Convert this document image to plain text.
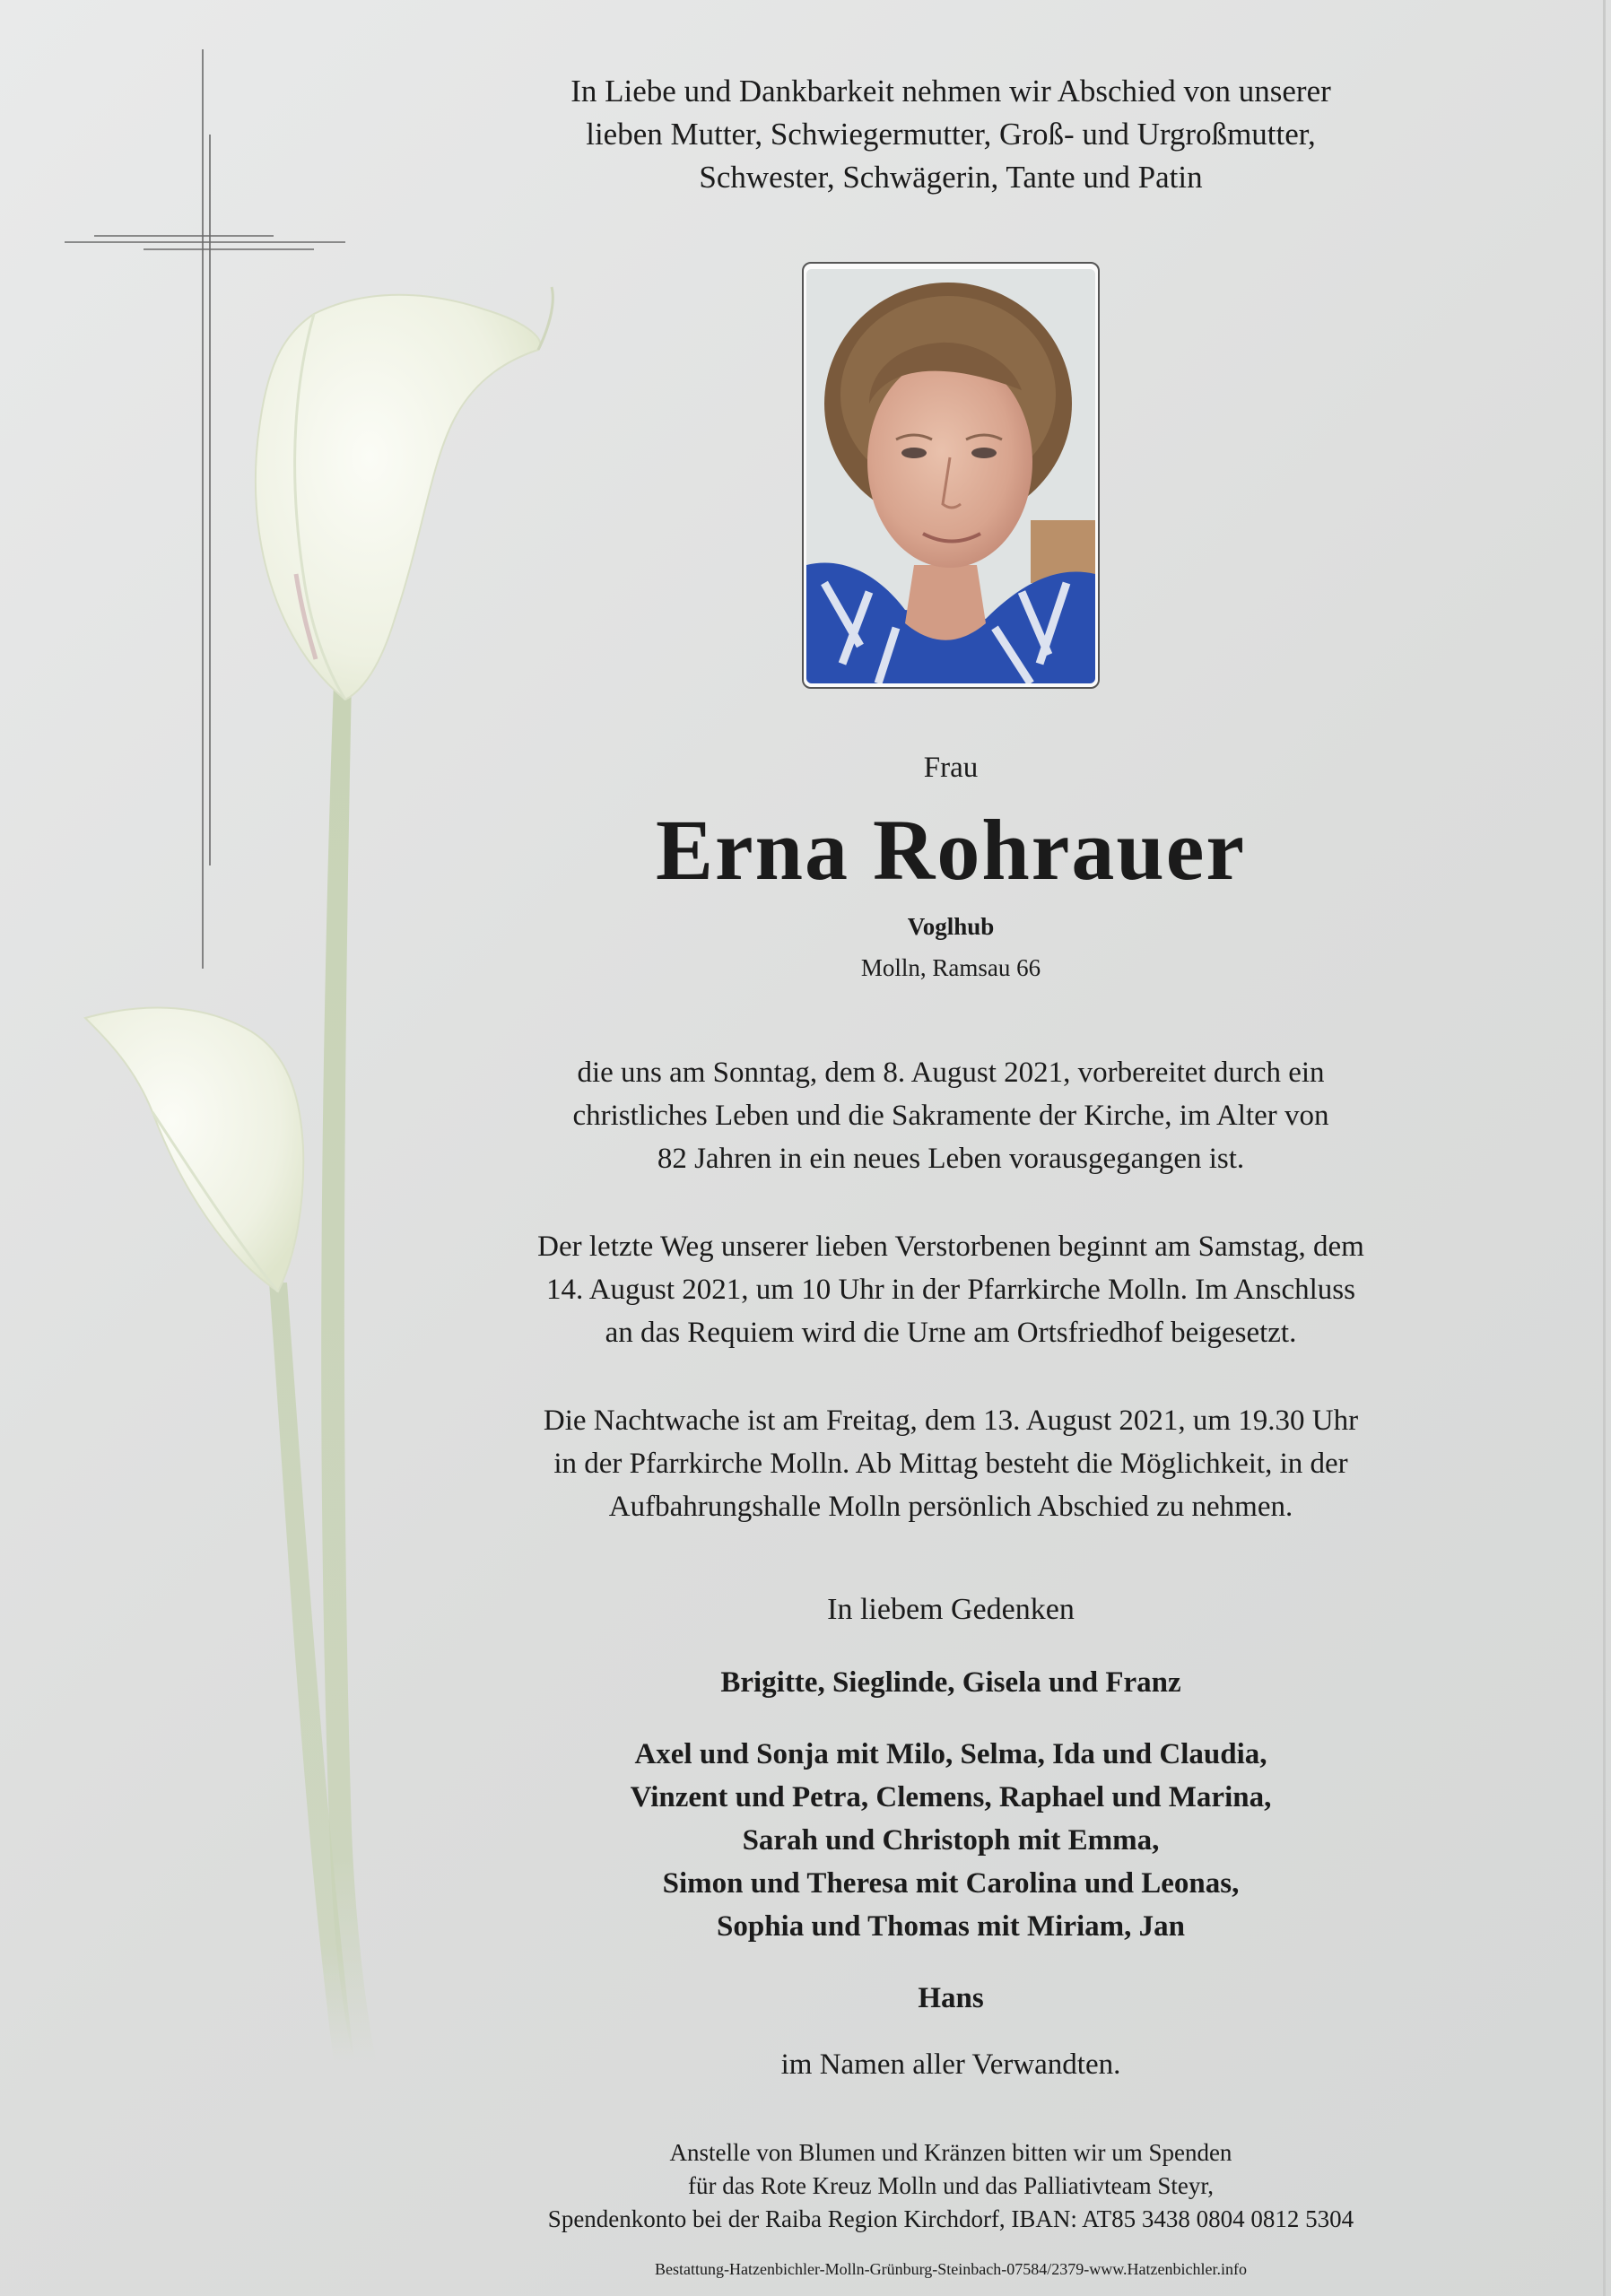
In Liebe und Dankbarkeit nehmen wir Abschied von unserer
lieben Mutter, Schwiegermutter, Groß- und Urgroßmutter,
Schwester, Schwägerin, Tante und Patin
Frau
Erna Rohrauer
Voglhub
Molln, Ramsau 66
die uns am Sonntag, dem 8. August 2021, vorbereitet durch ein
christliches Leben und die Sakramente der Kirche, im Alter von
82 Jahren in ein neues Leben vorausgegangen ist.
Der letzte Weg unserer lieben Verstorbenen beginnt am Samstag, dem
14. August 2021, um 10 Uhr in der Pfarrkirche Molln. Im Anschluss
an das Requiem wird die Urne am Ortsfriedhof beigesetzt.
Die Nachtwache ist am Freitag, dem 13. August 2021, um 19.30 Uhr
in der Pfarrkirche Molln. Ab Mittag besteht die Möglichkeit, in der
Aufbahrungshalle Molln persönlich Abschied zu nehmen.
In liebem Gedenken
Brigitte, Sieglinde, Gisela und Franz
Axel und Sonja mit Milo, Selma, Ida und Claudia,
Vinzent und Petra, Clemens, Raphael und Marina,
Sarah und Christoph mit Emma,
Simon und Theresa mit Carolina und Leonas,
Sophia und Thomas mit Miriam, Jan
Hans
im Namen aller Verwandten.
Anstelle von Blumen und Kränzen bitten wir um Spenden
für das Rote Kreuz Molln und das Palliativteam Steyr,
Spendenkonto bei der Raiba Region Kirchdorf, IBAN: AT85 3438 0804 0812 5304
Bestattung-Hatzenbichler-Molln-Grünburg-Steinbach-07584/2379-www.Hatzenbichler.info
